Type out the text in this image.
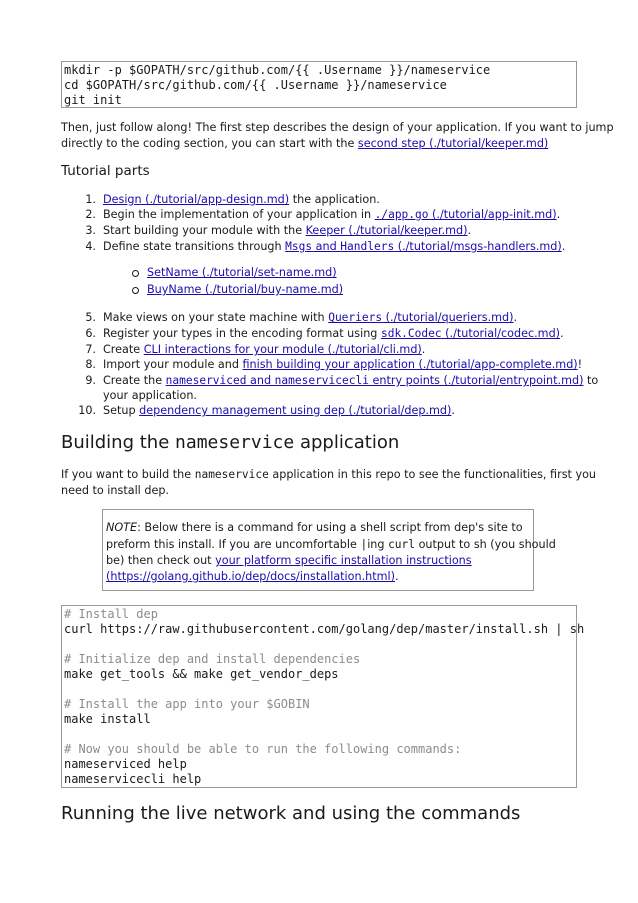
mkdir -p $GOPATH/src/github.com/{{ .Username }}/nameservice
cd $GOPATH/src/github.com/{{ .Username }}/nameservice
git init
Then, just follow along! The first step describes the design of your application. If you want to jump
directly to the coding section, you can start with the second step (./tutorial/keeper.md)
Tutorial parts
1. Design (./tutorial/app-design.md) the application.
2. Begin the implementation of your application in ./app.go (./tutorial/app-init.md).
3. Start building your module with the Keeper (./tutorial/keeper.md).
4. Define state transitions through Msgs and Handlers (./tutorial/msgs-handlers.md).
SetName (./tutorial/set-name.md)
BuyName (./tutorial/buy-name.md)
5. Make views on your state machine with Queriers (./tutorial/queriers.md).
6. Register your types in the encoding format using sdk.Codec (./tutorial/codec.md).
7. Create CLI interactions for your module (./tutorial/cli.md).
8. Import your module and finish building your application (./tutorial/app-complete.md)!
9. Create the nameserviced and nameservicecli entry points (./tutorial/entrypoint.md) to
your application.
10. Setup dependency management using dep (./tutorial/dep.md).
Building the nameservice application
If you want to build the nameservice application in this repo to see the functionalities, first you
need to install dep.
NOTE: Below there is a command for using a shell script from dep's site to
preform this install. If you are uncomfortable |ing curl output to sh (you should
be) then check out your platform specific installation instructions
(https://golang.github.io/dep/docs/installation.html).
# Install dep
curl https://raw.githubusercontent.com/golang/dep/master/install.sh | sh
# Initialize dep and install dependencies
make get_tools && make get_vendor_deps
# Install the app into your $GOBIN
make install
# Now you should be able to run the following commands:
nameserviced help
nameservicecli help
Running the live network and using the commands
